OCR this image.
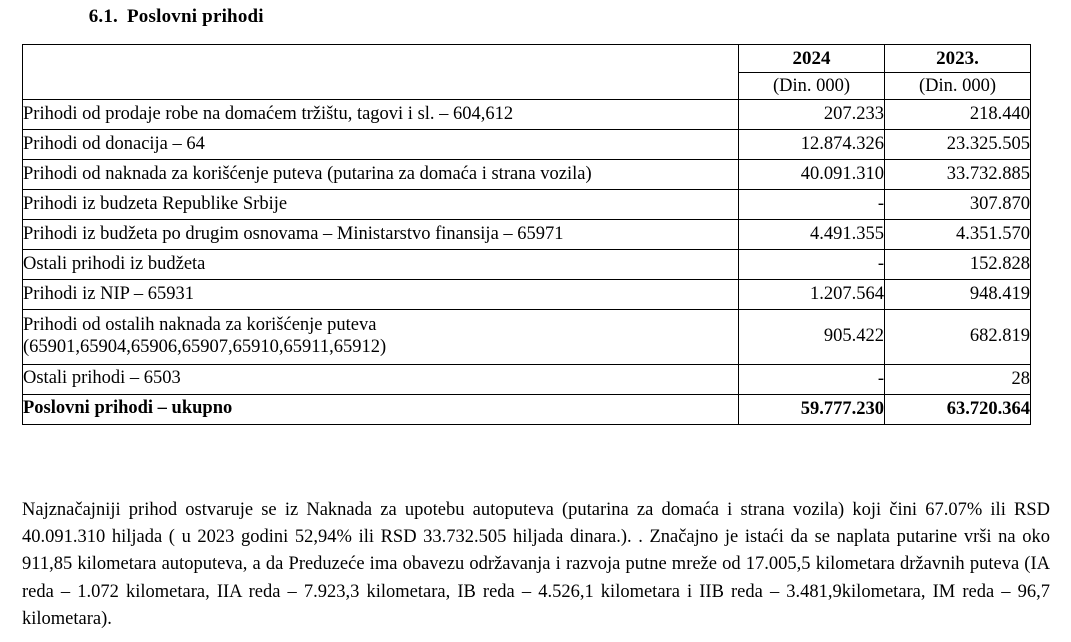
6.1. Poslovni prihodi
	2024	2023.
	(Din. 000)	(Din. 000)
Prihodi od prodaje robe na domaćem tržištu, tagovi i sl. – 604,612	207.233	218.440
Prihodi od donacija – 64	12.874.326	23.325.505
Prihodi od naknada za korišćenje puteva (putarina za domaća i strana vozila)	40.091.310	33.732.885
Prihodi iz budzeta Republike Srbije	-	307.870
Prihodi iz budžeta po drugim osnovama – Ministarstvo finansija – 65971	4.491.355	4.351.570
Ostali prihodi iz budžeta	-	152.828
Prihodi iz NIP – 65931	1.207.564	948.419
Prihodi od ostalih naknada za korišćenje puteva
(65901,65904,65906,65907,65910,65911,65912)	905.422	682.819
Ostali prihodi – 6503	-	28
Poslovni prihodi – ukupno	59.777.230	63.720.364
Najznačajniji prihod ostvaruje se iz Naknada za upotebu autoputeva (putarina za domaća i strana vozila) koji čini 67.07% ili RSD 40.091.310 hiljada ( u 2023 godini 52,94% ili RSD 33.732.505 hiljada dinara.). . Značajno je istaći da se naplata putarine vrši na oko 911,85 kilometara autoputeva, a da Preduzeće ima obavezu održavanja i razvoja putne mreže od 17.005,5 kilometara državnih puteva (IA reda – 1.072 kilometara, IIA reda – 7.923,3 kilometara, IB reda – 4.526,1 kilometara i IIB reda – 3.481,9kilometara, IM reda – 96,7 kilometara).
